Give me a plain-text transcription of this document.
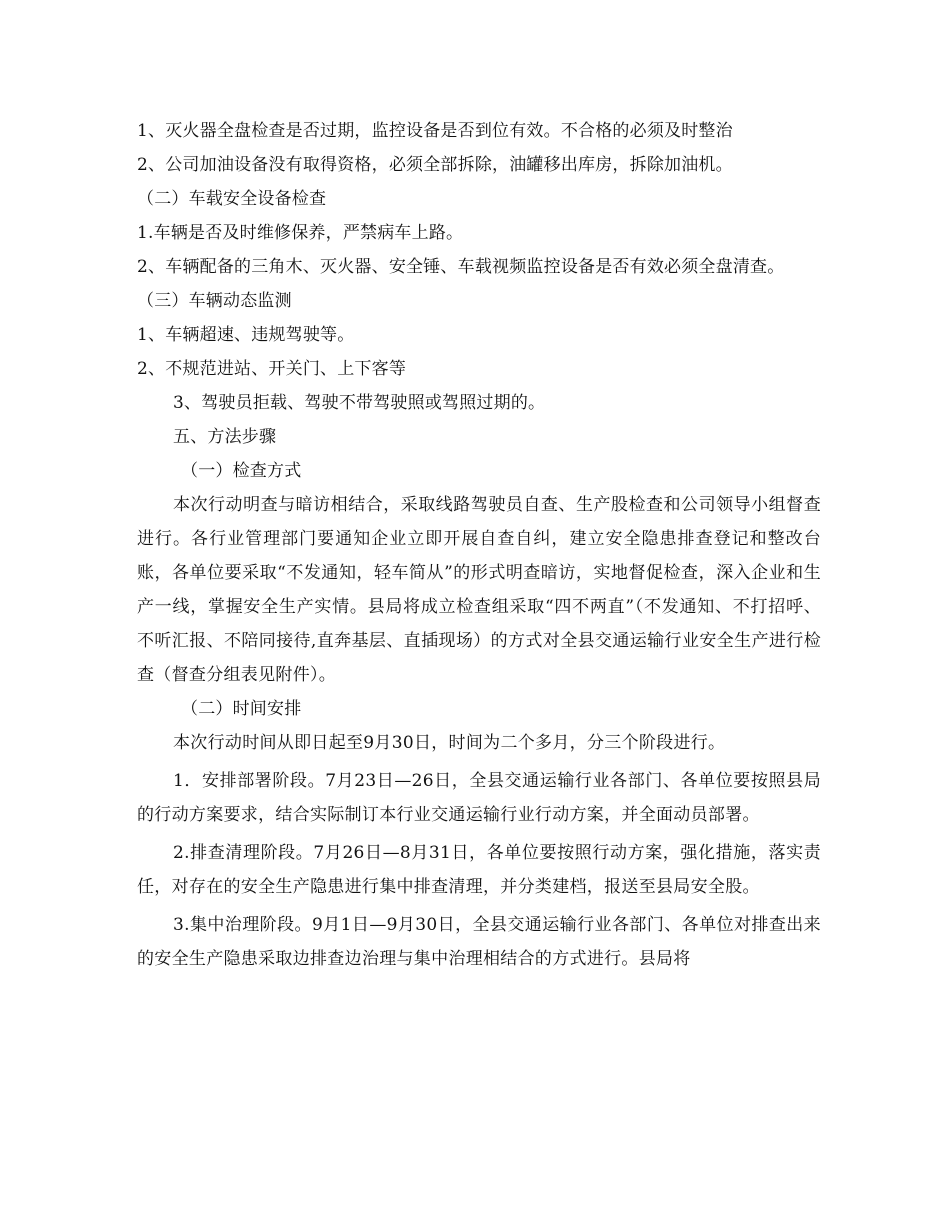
1、灭火器全盘检查是否过期，监控设备是否到位有效。不合格的必须及时整治
2、公司加油设备没有取得资格，必须全部拆除，油罐移出库房，拆除加油机。
（二）车载安全设备检查
1.车辆是否及时维修保养，严禁病车上路。
2、车辆配备的三角木、灭火器、安全锤、车载视频监控设备是否有效必须全盘清查。
（三）车辆动态监测
1、车辆超速、违规驾驶等。
2、不规范进站、开关门、上下客等
3、驾驶员拒载、驾驶不带驾驶照或驾照过期的。
五、方法步骤
（一）检查方式
本次行动明查与暗访相结合，采取线路驾驶员自查、生产股检查和公司领导小组督查进行。各行业管理部门要通知企业立即开展自查自纠，建立安全隐患排查登记和整改台账，各单位要采取“不发通知，轻车简从”的形式明查暗访，实地督促检查，深入企业和生产一线，掌握安全生产实情。县局将成立检查组采取“四不两直”（不发通知、不打招呼、不听汇报、不陪同接待,直奔基层、直插现场）的方式对全县交通运输行业安全生产进行检查（督查分组表见附件）。
（二）时间安排
本次行动时间从即日起至9月30日，时间为二个多月，分三个阶段进行。
1．安排部署阶段。7月23日—26日，全县交通运输行业各部门、各单位要按照县局的行动方案要求，结合实际制订本行业交通运输行业行动方案，并全面动员部署。
2.排查清理阶段。7月26日—8月31日，各单位要按照行动方案，强化措施，落实责任，对存在的安全生产隐患进行集中排查清理，并分类建档，报送至县局安全股。
3.集中治理阶段。9月1日—9月30日，全县交通运输行业各部门、各单位对排查出来的安全生产隐患采取边排查边治理与集中治理相结合的方式进行。县局将
